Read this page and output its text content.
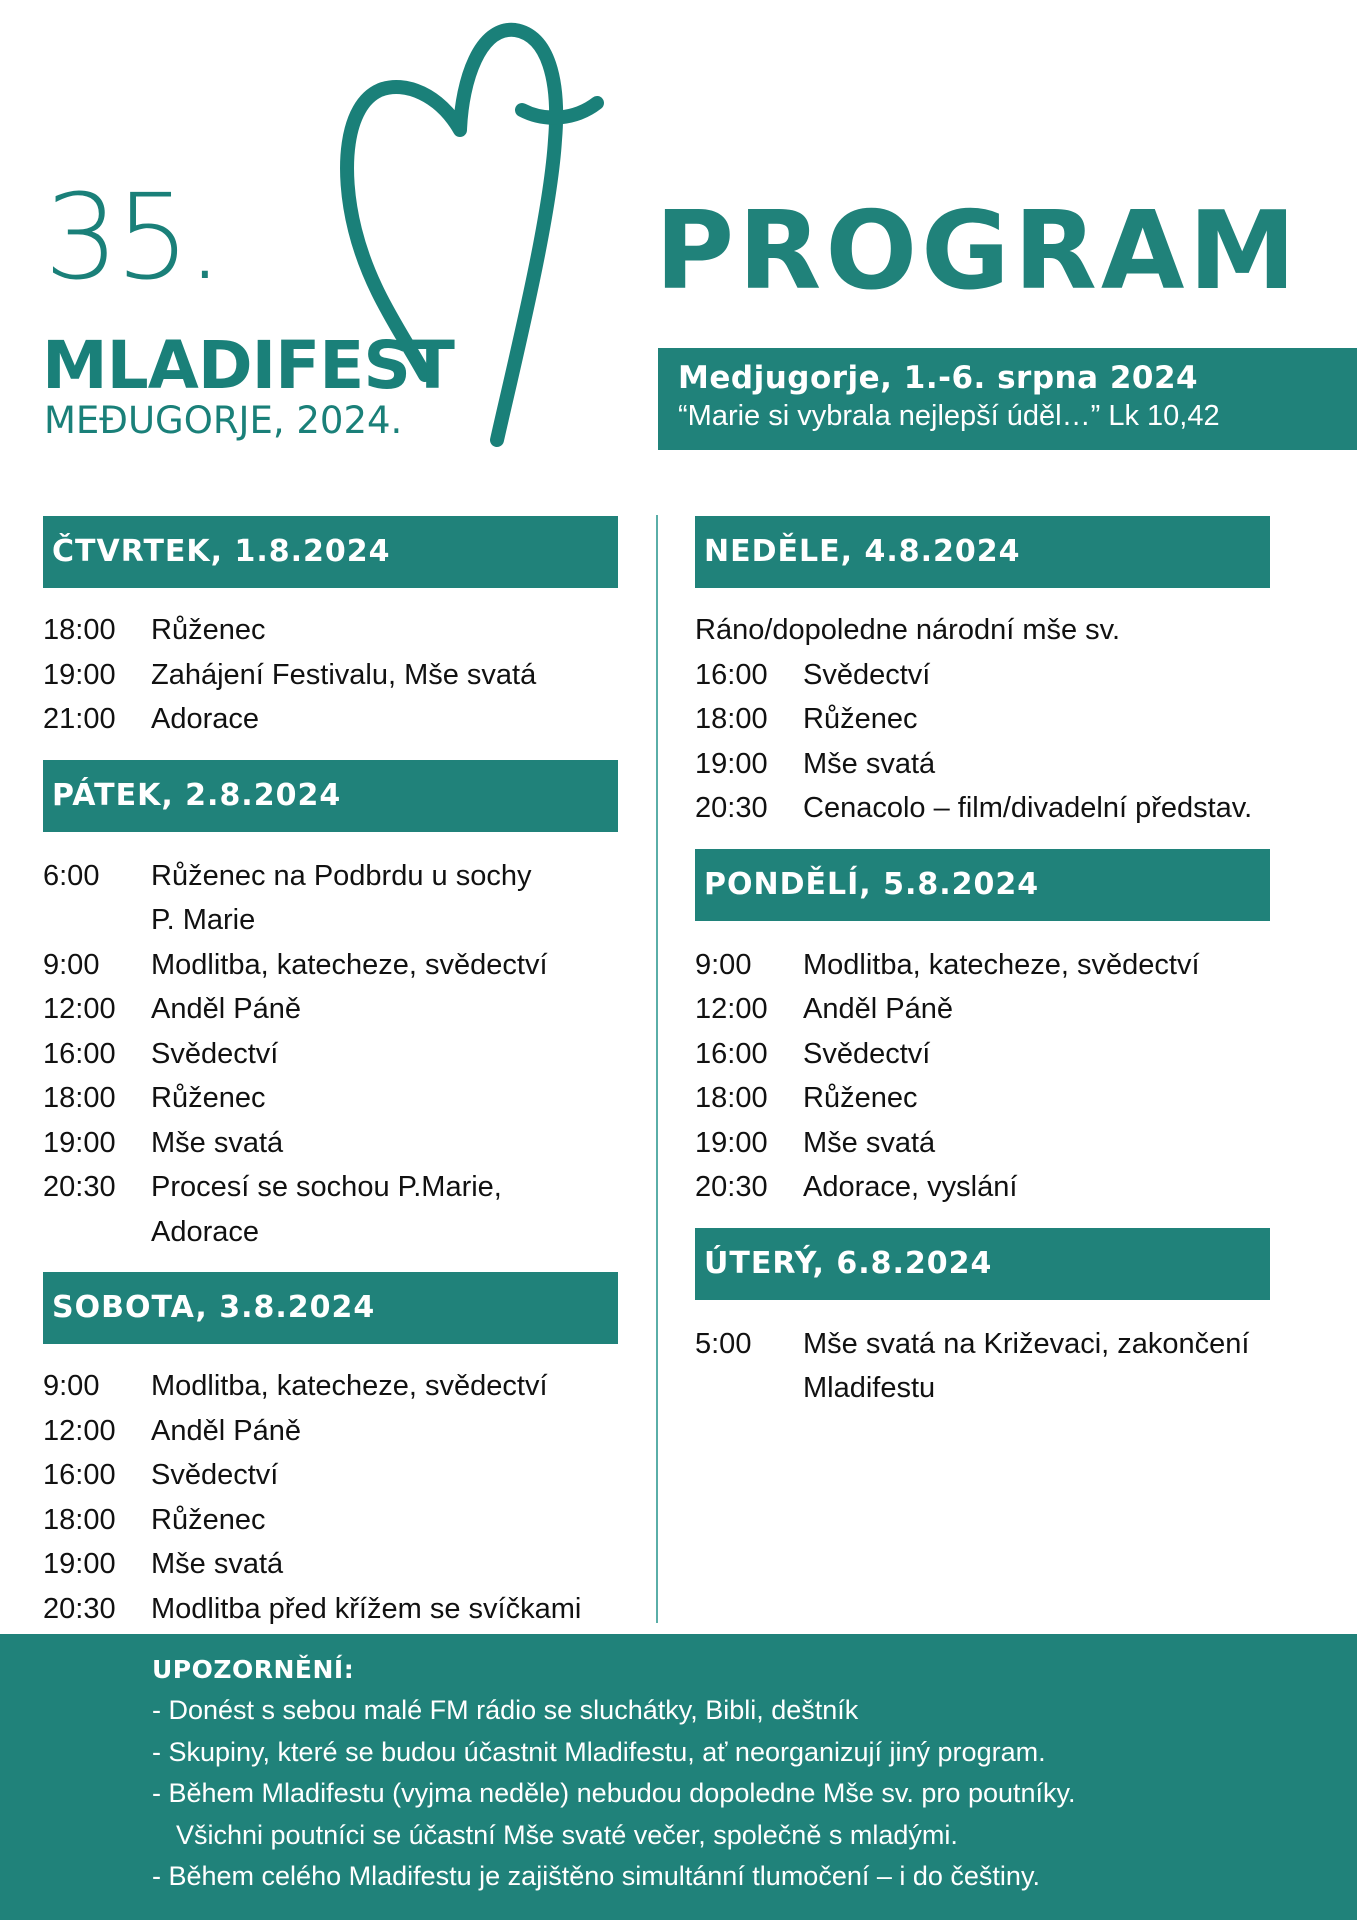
35.
MLADIFEST
MEĐUGORJE, 2024.
PROGRAM
Medjugorje, 1.-6. srpna 2024
“Marie si vybrala nejlepší úděl…” Lk 10,42
ČTVRTEK, 1.8.2024
18:00	Růženec
19:00	Zahájení Festivalu, Mše svatá
21:00	Adorace
PÁTEK, 2.8.2024
6:00	Růženec na Podbrdu u sochy
P. Marie
9:00	Modlitba, katecheze, svědectví
12:00	Anděl Páně
16:00	Svědectví
18:00	Růženec
19:00	Mše svatá
20:30	Procesí se sochou P.Marie,
Adorace
SOBOTA, 3.8.2024
9:00	Modlitba, katecheze, svědectví
12:00	Anděl Páně
16:00	Svědectví
18:00	Růženec
19:00	Mše svatá
20:30	Modlitba před křížem se svíčkami
NEDĚLE, 4.8.2024
Ráno/dopoledne národní mše sv.
16:00	Svědectví
18:00	Růženec
19:00	Mše svatá
20:30	Cenacolo – film/divadelní představ.
PONDĚLÍ, 5.8.2024
9:00	Modlitba, katecheze, svědectví
12:00	Anděl Páně
16:00	Svědectví
18:00	Růženec
19:00	Mše svatá
20:30	Adorace, vyslání
ÚTERÝ, 6.8.2024
5:00	Mše svatá na Križevaci, zakončení
Mladifestu
UPOZORNĚNÍ:
- Donést s sebou malé FM rádio se sluchátky, Bibli, deštník
- Skupiny, které se budou účastnit Mladifestu, ať neorganizují jiný program.
- Během Mladifestu (vyjma neděle) nebudou dopoledne Mše sv. pro poutníky.
Všichni poutníci se účastní Mše svaté večer, společně s mladými.
- Během celého Mladifestu je zajištěno simultánní tlumočení – i do češtiny.
